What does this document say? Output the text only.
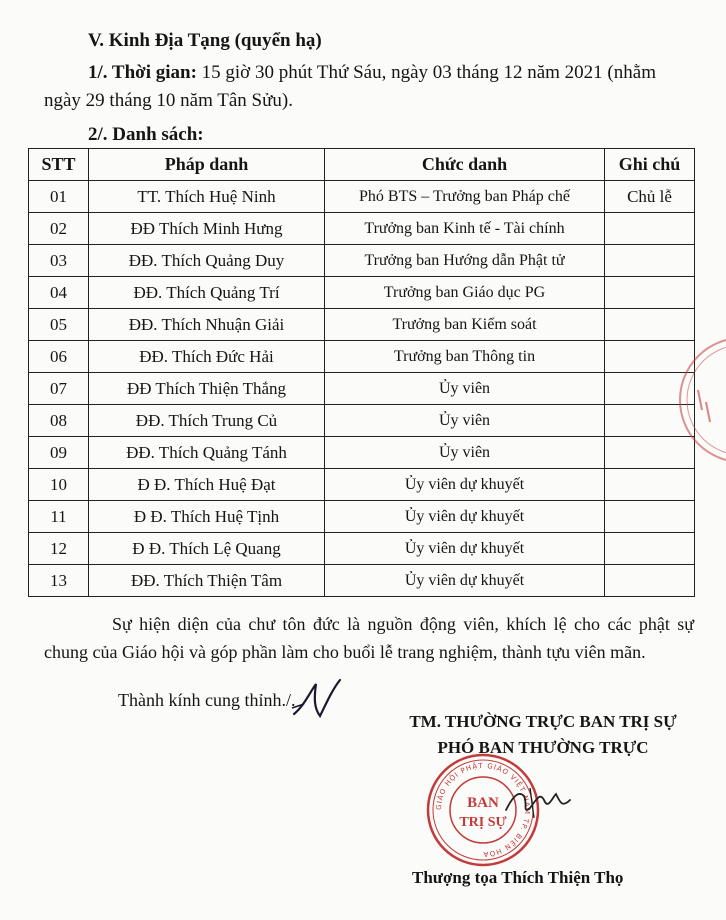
V. Kinh Địa Tạng (quyển hạ)
1/. Thời gian: 15 giờ 30 phút Thứ Sáu, ngày 03 tháng 12 năm 2021 (nhằm
ngày 29 tháng 10 năm Tân Sửu).
2/. Danh sách:
STT	Pháp danh	Chức danh	Ghi chú
01	TT. Thích Huệ Ninh	Phó BTS – Trưởng ban Pháp chế	Chủ lễ
02	ĐĐ Thích Minh Hưng	Trưởng ban Kinh tế - Tài chính	
03	ĐĐ. Thích Quảng Duy	Trưởng ban Hướng dẫn Phật tử	
04	ĐĐ. Thích Quảng Trí	Trưởng ban Giáo dục PG	
05	ĐĐ. Thích Nhuận Giải	Trưởng ban Kiểm soát	
06	ĐĐ. Thích Đức Hải	Trưởng ban Thông tin	
07	ĐĐ Thích Thiện Thắng	Ủy viên	
08	ĐĐ. Thích Trung Củ	Ủy viên	
09	ĐĐ. Thích Quảng Tánh	Ủy viên	
10	Đ Đ. Thích Huệ Đạt	Ủy viên dự khuyết	
11	Đ Đ. Thích Huệ Tịnh	Ủy viên dự khuyết	
12	Đ Đ. Thích Lệ Quang	Ủy viên dự khuyết	
13	ĐĐ. Thích Thiện Tâm	Ủy viên dự khuyết	
Sự hiện diện của chư tôn đức là nguồn động viên, khích lệ cho các phật sự chung của Giáo hội và góp phần làm cho buổi lễ trang nghiệm, thành tựu viên mãn.
Thành kính cung thỉnh./.
TM. THƯỜNG TRỰC BAN TRỊ SỰ
PHÓ BAN THƯỜNG TRỰC
GIÁO HỘI PHẬT GIÁO VIỆT NAM TP. BIÊN HÒA
BAN
TRỊ SỰ
Thượng tọa Thích Thiện Thọ
